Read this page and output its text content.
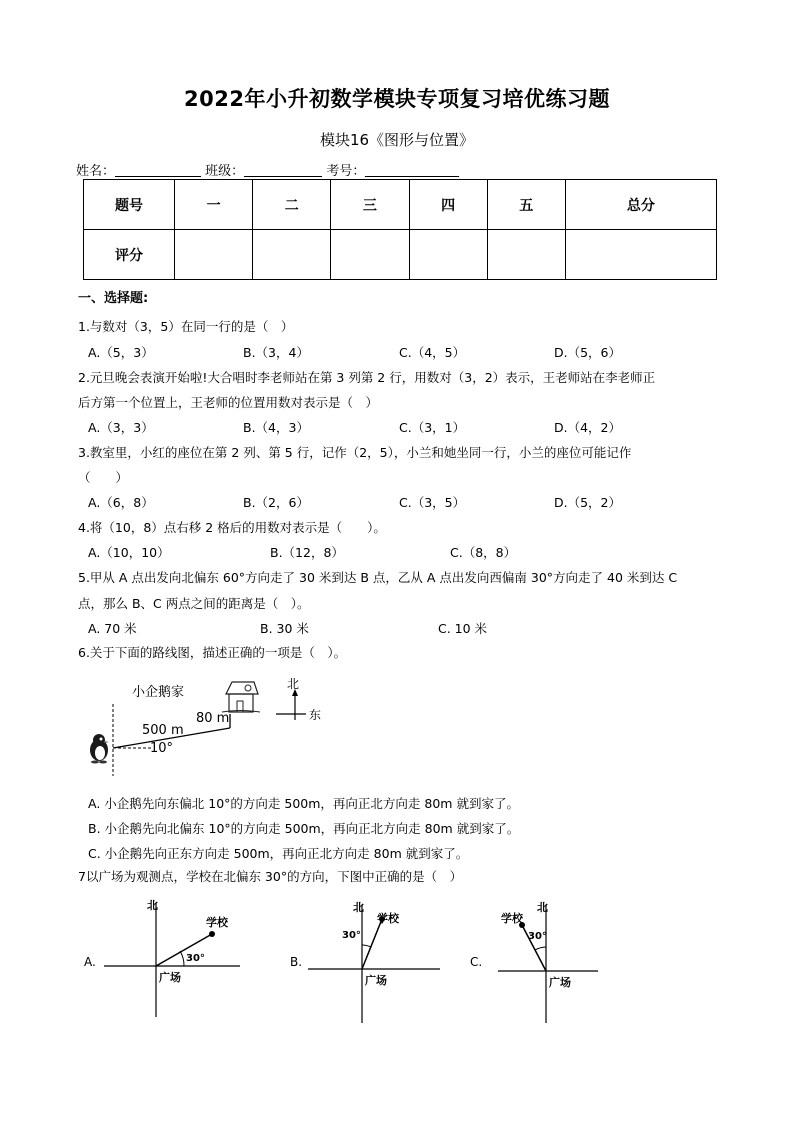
2022年小升初数学模块专项复习培优练习题
模块16《图形与位置》
姓名：	班级：	考号：
题号	一	二	三	四	五	总分
评分						
一、选择题:
1.与数对（3，5）在同一行的是（　）
A.（5，3）	B.（3，4）	C.（4，5）	D.（5，6）
2.元旦晚会表演开始啦!大合唱时李老师站在第 3 列第 2 行，用数对（3，2）表示，王老师站在李老师正
后方第一个位置上，王老师的位置用数对表示是（　）
A.（3，3）	B.（4，3）	C.（3，1）	D.（4，2）
3.教室里，小红的座位在第 2 列、第 5 行，记作（2，5），小兰和她坐同一行，小兰的座位可能记作
（　　）
A.（6，8）	B.（2，6）	C.（3，5）	D.（5，2）
4.将（10，8）点右移 2 格后的用数对表示是（　　）。
A.（10，10）	B.（12，8）	C.（8，8）
5.甲从 A 点出发向北偏东 60°方向走了 30 米到达 B 点，乙从 A 点出发向西偏南 30°方向走了 40 米到达 C
点，那么 B、C 两点之间的距离是（　）。
A. 70 米	B. 30 米	C. 10 米
6.关于下面的路线图，描述正确的一项是（　）。
小企鹅家
80 m
500 m
10°
北
东
A. 小企鹅先向东偏北 10°的方向走 500m，再向正北方向走 80m 就到家了。
B. 小企鹅先向北偏东 10°的方向走 500m，再向正北方向走 80m 就到家了。
C. 小企鹅先向正东方向走 500m，再向正北方向走 80m 就到家了。
7以广场为观测点，学校在北偏东 30°的方向，下图中正确的是（　）
A.
北
学校
广场
30°	B.
北
学校
广场
30°
C.
北
学校
广场
30°
